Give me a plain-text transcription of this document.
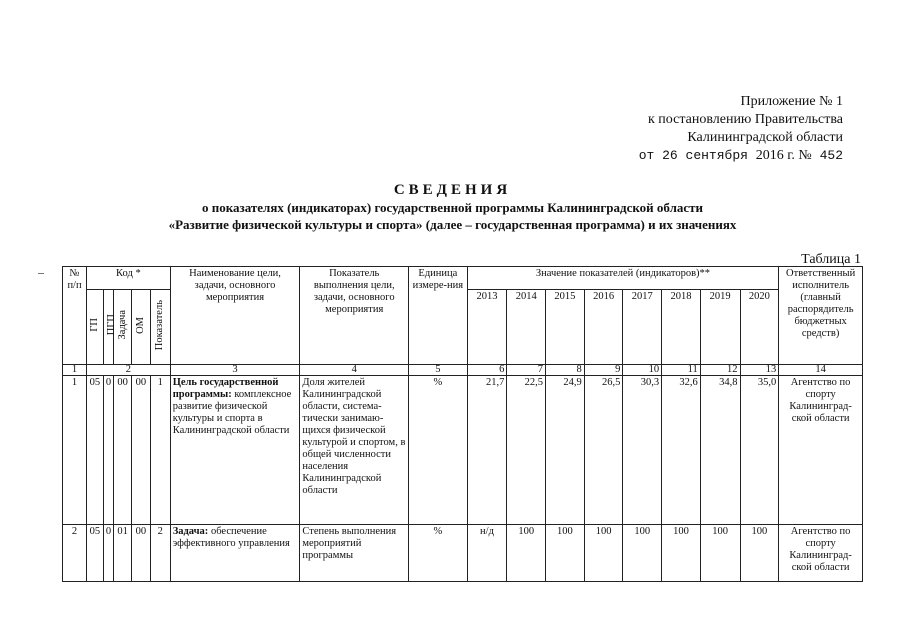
Приложение № 1
к постановлению Правительства
Калининградской области
от 26 сентября 2016 г. № 452
СВЕДЕНИЯ
о показателях (индикаторах) государственной программы Калининградской области
«Развитие физической культуры и спорта» (далее – государственная программа) и их значениях
Таблица 1
№ п/п	Код *					Наименование цели, задачи, основного мероприятия	Показатель выполнения цели, задачи, основного мероприятия	Единица измере-ния	Значение показателей (индикаторов)**								Ответственный исполнитель (главный распорядитель бюджетных средств)
	ГП	ПГП	Задача	ОМ	Показатель				2013	2014	2015	2016	2017	2018	2019	2020	
1	2					3	4	5	6	7	8	9	10	11	12	13	14
1	05	0	00	00	1	Цель государственной программы: комплексное развитие физической культуры и спорта в Калининградской области	Доля жителей Калининградской области, система-тически занимаю-щихся физической культурой и спортом, в общей численности населения Калининградской области	%	21,7	22,5	24,9	26,5	30,3	32,6	34,8	35,0	Агентство по спорту Калининград-ской области
2	05	0	01	00	2	Задача: обеспечение эффективного управления	Степень выполнения мероприятий программы	%	н/д	100	100	100	100	100	100	100	Агентство по спорту Калининград-ской области
